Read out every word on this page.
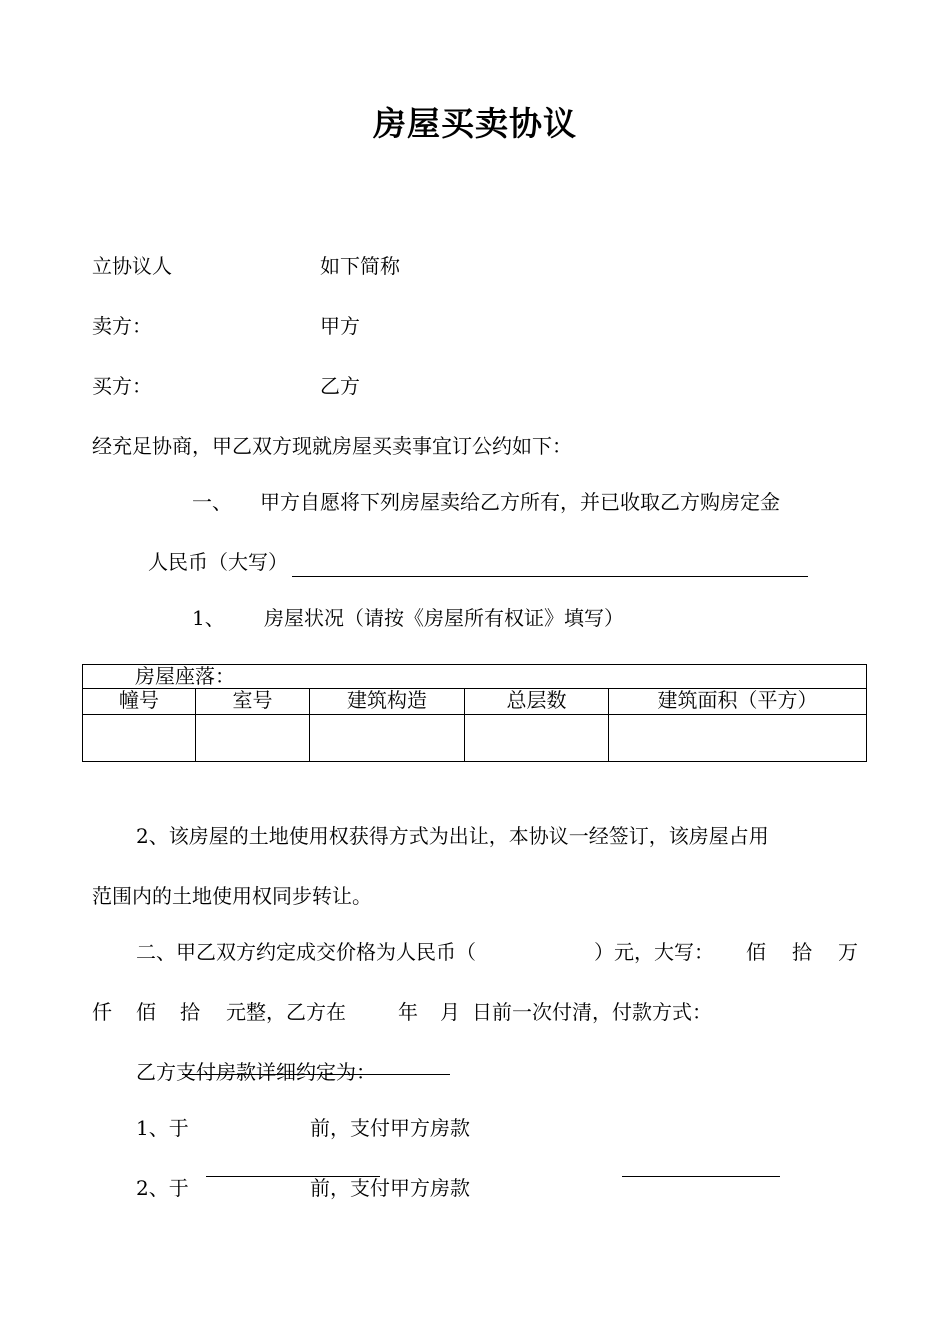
房屋买卖协议
立协议人	如下简称
卖方：	甲方
买方：	乙方
经充足协商，甲乙双方现就房屋买卖事宜订公约如下：
一、 甲方自愿将下列房屋卖给乙方所有，并已收取乙方购房定金
人民币（大写）
1、 房屋状况（请按《房屋所有权证》填写）
房屋座落：				
幢号	室号	建筑构造	总层数	建筑面积（平方）

2、该房屋的土地使用权获得方式为出让，本协议一经签订，该房屋占用
范围内的土地使用权同步转让。
二、甲乙双方约定成交价格为人民币（	）元，大写： 佰 拾 万
仟 佰 拾 元整，乙方在	年 月 日前一次付清，付款方式：
乙方支付房款详细约定为：
1、于	前，支付甲方房款
2、于	前，支付甲方房款
